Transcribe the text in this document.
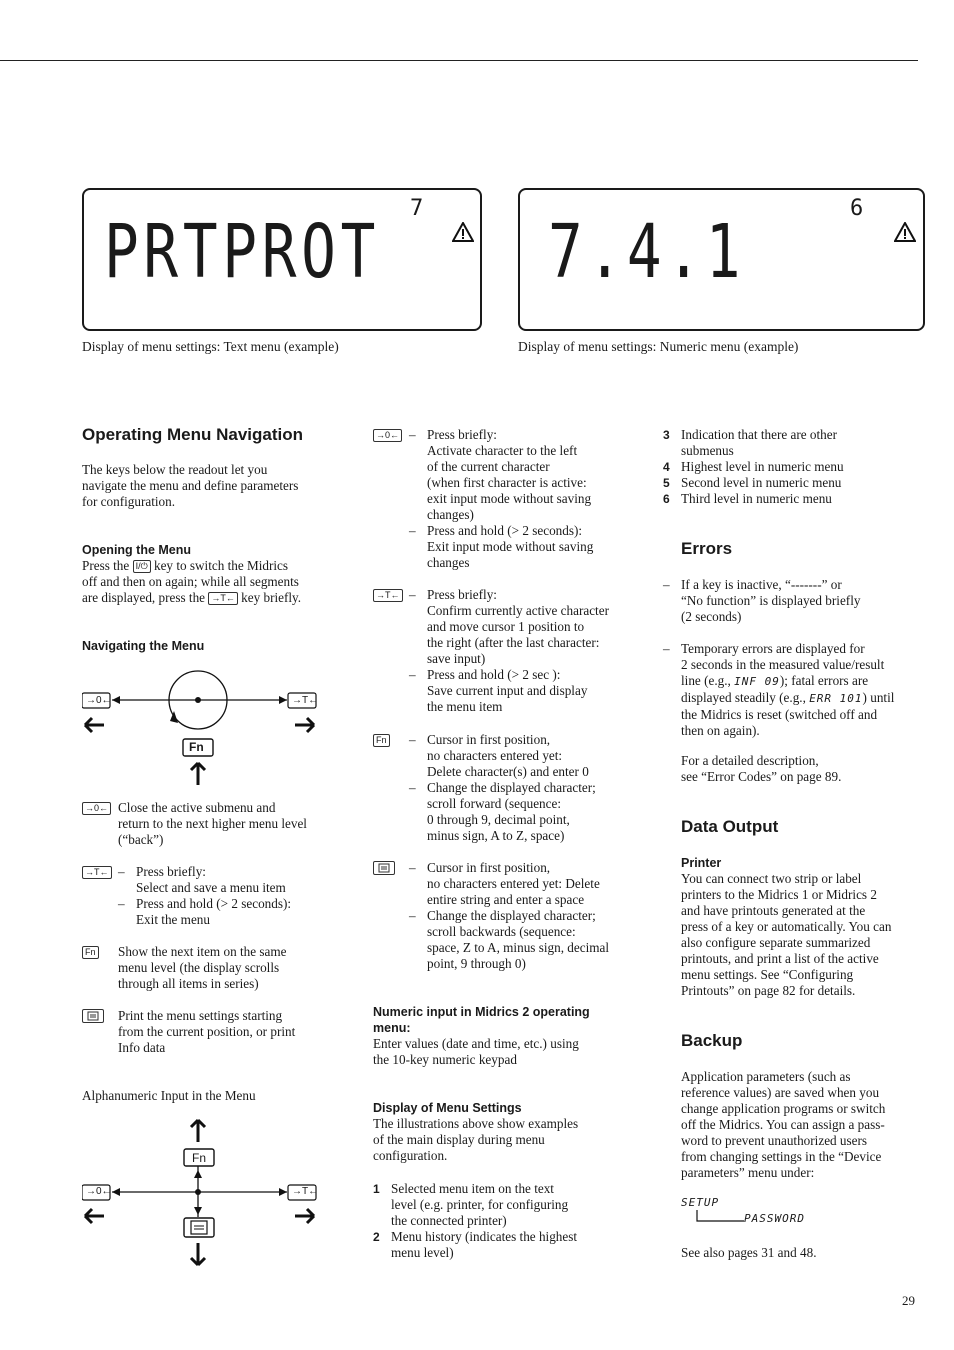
PRTPROT
7
Display of menu settings: Text menu (example)
7.4.1
6
Display of menu settings: Numeric menu (example)
Operating Menu Navigation
The keys below the readout let you
navigate the menu and define parameters
for configuration.
Opening the Menu
Press the I/⏻ key to switch the Midrics
off and then on again; while all segments
are displayed, press the →T← key briefly.
Navigating the Menu
→0←	→T←
Fn
→0← Close the active submenu and
return to the next higher menu level
(“back”)
→T← – Press briefly:
Select and save a menu item
– Press and hold (> 2 seconds):
Exit the menu
Fn Show the next item on the same
menu level (the display scrolls
through all items in series)
Print the menu settings starting
from the current position, or print
Info data
Alphanumeric Input in the Menu
→0←	→T←
Fn
→0← – Press briefly:
Activate character to the left
of the current character
(when first character is active:
exit input mode without saving
changes)
– Press and hold (> 2 seconds):
Exit input mode without saving
changes
→T← – Press briefly:
Confirm currently active character
and move cursor 1 position to
the right (after the last character:
save input)
– Press and hold (> 2 sec ):
Save current input and display
the menu item
Fn – Cursor in first position,
no characters entered yet:
Delete character(s) and enter 0
– Change the displayed character;
scroll forward (sequence:
0 through 9, decimal point,
minus sign, A to Z, space)
– Cursor in first position,
no characters entered yet: Delete
entire string and enter a space
– Change the displayed character;
scroll backwards (sequence:
space, Z to A, minus sign, decimal
point, 9 through 0)
Numeric input in Midrics 2 operating
menu:
Enter values (date and time, etc.) using
the 10-key numeric keypad
Display of Menu Settings
The illustrations above show examples
of the main display during menu
configuration.
1 Selected menu item on the text
level (e.g. printer, for configuring
the connected printer)
2 Menu history (indicates the highest
menu level)
3 Indication that there are other
submenus
4 Highest level in numeric menu
5 Second level in numeric menu
6 Third level in numeric menu
Errors
– If a key is inactive, “-------” or
“No function” is displayed briefly
(2 seconds)
– Temporary errors are displayed for
2 seconds in the measured value/result
line (e.g., INF 09); fatal errors are
displayed steadily (e.g., ERR 101) until
the Midrics is reset (switched off and
then on again).
For a detailed description,
see “Error Codes” on page 89.
Data Output
Printer
You can connect two strip or label
printers to the Midrics 1 or Midrics 2
and have printouts generated at the
press of a key or automatically. You can
also configure separate summarized
printouts, and print a list of the active
menu settings. See “Configuring
Printouts” on page 82 for details.
Backup
Application parameters (such as
reference values) are saved when you
change application programs or switch
off the Midrics. You can assign a pass-
word to prevent unauthorized users
from changing settings in the “Device
parameters” menu under:
SETUP
PASSWORD
See also pages 31 and 48.
29
